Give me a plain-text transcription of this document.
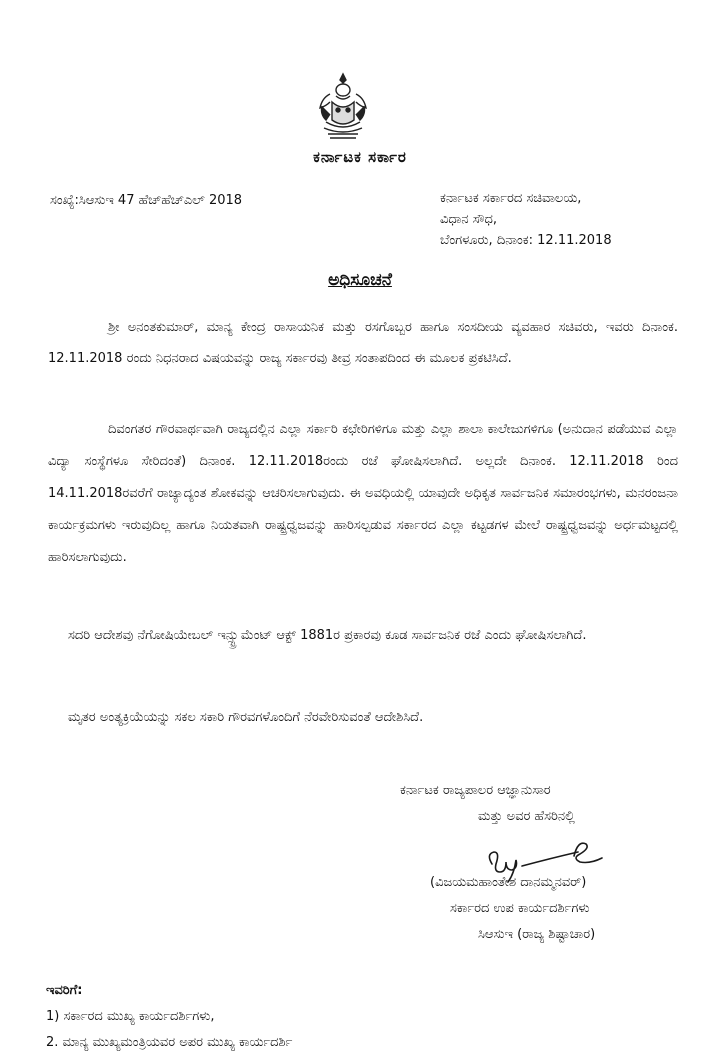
ಕರ್ನಾಟಕ ಸರ್ಕಾರ
ಸಂಖ್ಯೆ:ಸಿಆಸುಇ 47 ಹೆಚ್‌ಹೆಚ್‌ಎಲ್ 2018	ಕರ್ನಾಟಕ ಸರ್ಕಾರದ ಸಚಿವಾಲಯ,
ವಿಧಾನ ಸೌಧ,
ಬೆಂಗಳೂರು, ದಿನಾಂಕ: 12.11.2018
ಅಧಿಸೂಚನೆ
ಶ್ರೀ ಅನಂತಕುಮಾರ್, ಮಾನ್ಯ ಕೇಂದ್ರ ರಾಸಾಯನಿಕ ಮತ್ತು ರಸಗೊಬ್ಬರ ಹಾಗೂ ಸಂಸದೀಯ ವ್ಯವಹಾರ ಸಚಿವರು, ಇವರು ದಿನಾಂಕ. 12.11.2018 ರಂದು ನಿಧನರಾದ ವಿಷಯವನ್ನು ರಾಜ್ಯ ಸರ್ಕಾರವು ತೀವ್ರ ಸಂತಾಪದಿಂದ ಈ ಮೂಲಕ ಪ್ರಕಟಿಸಿದೆ.
ದಿವಂಗತರ ಗೌರವಾರ್ಥವಾಗಿ ರಾಜ್ಯದಲ್ಲಿನ ಎಲ್ಲಾ ಸರ್ಕಾರಿ ಕಛೇರಿಗಳಿಗೂ ಮತ್ತು ಎಲ್ಲಾ ಶಾಲಾ ಕಾಲೇಜುಗಳಿಗೂ (ಅನುದಾನ ಪಡೆಯುವ ಎಲ್ಲಾ ವಿದ್ಯಾ ಸಂಸ್ಥೆಗಳೂ ಸೇರಿದಂತೆ) ದಿನಾಂಕ. 12.11.2018ರಂದು ರಜೆ ಘೋಷಿಸಲಾಗಿದೆ. ಅಲ್ಲದೇ ದಿನಾಂಕ. 12.11.2018 ರಿಂದ 14.11.2018ರವರೆಗೆ ರಾಜ್ಯಾದ್ಯಂತ ಶೋಕವನ್ನು ಆಚರಿಸಲಾಗುವುದು. ಈ ಅವಧಿಯಲ್ಲಿ ಯಾವುದೇ ಅಧಿಕೃತ ಸಾರ್ವಜನಿಕ ಸಮಾರಂಭಗಳು, ಮನರಂಜನಾ ಕಾರ್ಯಕ್ರಮಗಳು ಇರುವುದಿಲ್ಲ ಹಾಗೂ ನಿಯತವಾಗಿ ರಾಷ್ಟ್ರಧ್ವಜವನ್ನು ಹಾರಿಸಲ್ಪಡುವ ಸರ್ಕಾರದ ಎಲ್ಲಾ ಕಟ್ಟಡಗಳ ಮೇಲೆ ರಾಷ್ಟ್ರಧ್ವಜವನ್ನು ಅರ್ಧಮಟ್ಟದಲ್ಲಿ ಹಾರಿಸಲಾಗುವುದು.
ಸದರಿ ಆದೇಶವು ನೆಗೋಷಿಯೇಬಲ್ ಇನ್ಸ್ಟ್ರುಮೆಂಟ್ ಆಕ್ಟ್ 1881ರ ಪ್ರಕಾರವು ಕೂಡ ಸಾರ್ವಜನಿಕ ರಜೆ ಎಂದು ಘೋಷಿಸಲಾಗಿದೆ.
ಮೃತರ ಅಂತ್ಯಕ್ರಿಯೆಯನ್ನು ಸಕಲ ಸಕಾರಿ ಗೌರವಗಳೊಂದಿಗೆ ನೆರವೇರಿಸುವಂತೆ ಆದೇಶಿಸಿದೆ.
ಕರ್ನಾಟಕ ರಾಜ್ಯಪಾಲರ ಆಜ್ಞಾನುಸಾರ
ಮತ್ತು ಅವರ ಹೆಸರಿನಲ್ಲಿ
(ವಿಜಯಮಹಾಂತೇಶ ದಾನಮ್ಮನವರ್)
ಸರ್ಕಾರದ ಉಪ ಕಾರ್ಯದರ್ಶಿಗಳು
ಸಿಆಸುಇ (ರಾಜ್ಯ ಶಿಷ್ಟಾಚಾರ)
ಇವರಿಗೆ:
1) ಸರ್ಕಾರದ ಮುಖ್ಯ ಕಾರ್ಯದರ್ಶಿಗಳು,
2. ಮಾನ್ಯ ಮುಖ್ಯಮಂತ್ರಿಯವರ ಅಪರ ಮುಖ್ಯ ಕಾರ್ಯದರ್ಶಿ
